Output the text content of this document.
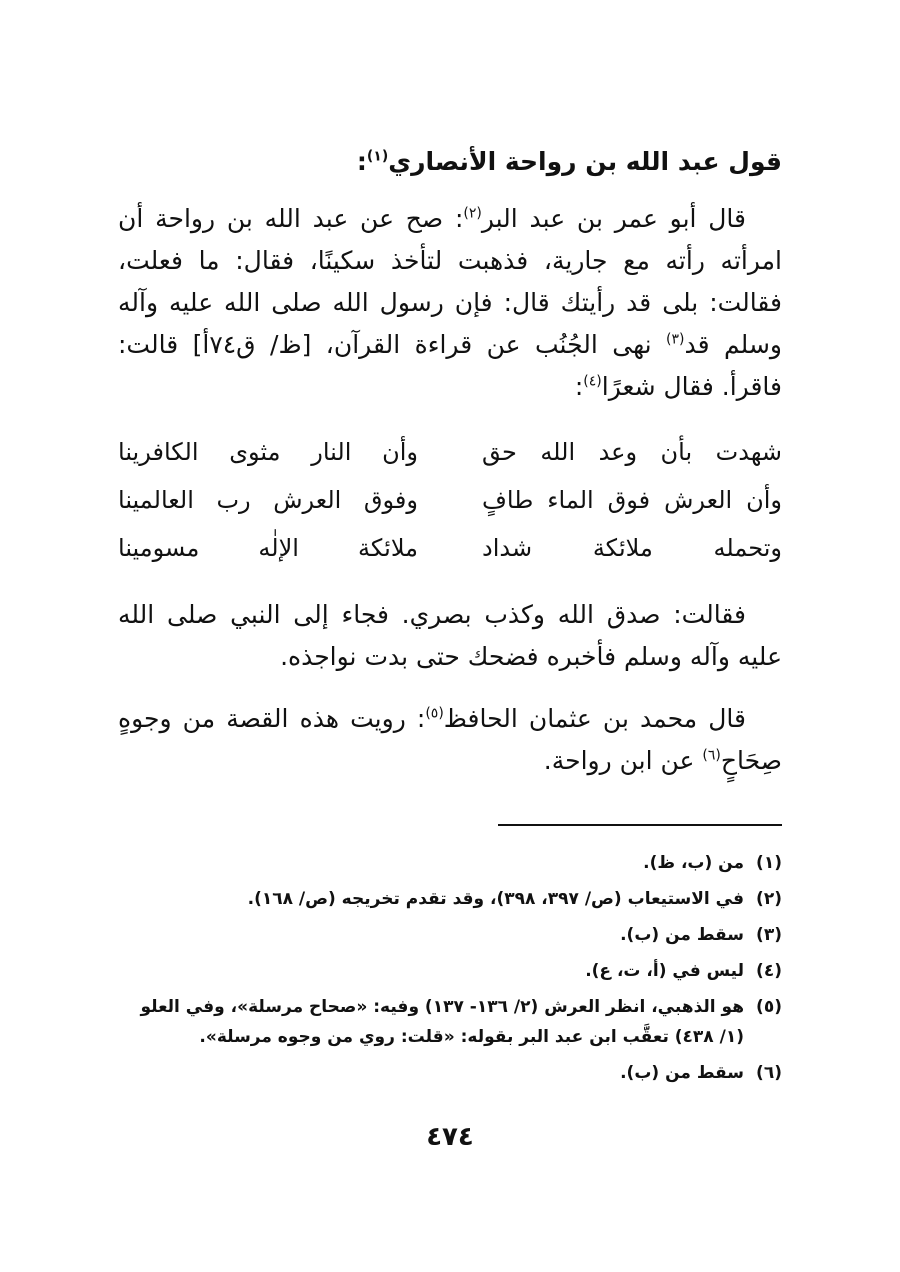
قول عبد الله بن رواحة الأنصاري$^{(١)}$:

قال أبو عمر بن عبد البر$^{(٢)}$: صح عن عبد الله بن رواحة أن امرأته رأته مع جارية، فذهبت لتأخذ سكينًا، فقال: ما فعلت، فقالت: بلى قد رأيتك قال: فإن رسول الله صلى الله عليه وآله وسلم قد$^{(٣)}$ نهى الجُنُب عن قراءة القرآن، [ظ/ ق٧٤أ] قالت: فاقرأ. فقال شعرًا$^{(٤)}$:

شهدت بأن وعد الله حق
وأن النار مثوى الكافرينا
وأن العرش فوق الماء طافٍ
وفوق العرش رب العالمينا
وتحمله ملائكة شداد
ملائكة الإلٰه مسومينا

فقالت: صدق الله وكذب بصري. فجاء إلى النبي صلى الله عليه وآله وسلم فأخبره فضحك حتى بدت نواجذه.

قال محمد بن عثمان الحافظ$^{(٥)}$: رويت هذه القصة من وجوهٍ صِحَاحٍ$^{(٦)}$ عن ابن رواحة.

(١)
من (ب، ظ).
(٢)
في الاستيعاب (ص/ ٣٩٧، ٣٩٨)، وقد تقدم تخريجه (ص/ ١٦٨).
(٣)
سقط من (ب).
(٤)
ليس في (أ، ت، ع).
(٥)
هو الذهبي، انظر العرش (٢/ ١٣٦- ١٣٧) وفيه: «صحاح مرسلة»، وفي العلو (١/ ٤٣٨) تعقَّب ابن عبد البر بقوله: «قلت: روي من وجوه مرسلة».
(٦)
سقط من (ب).
٤٧٤
